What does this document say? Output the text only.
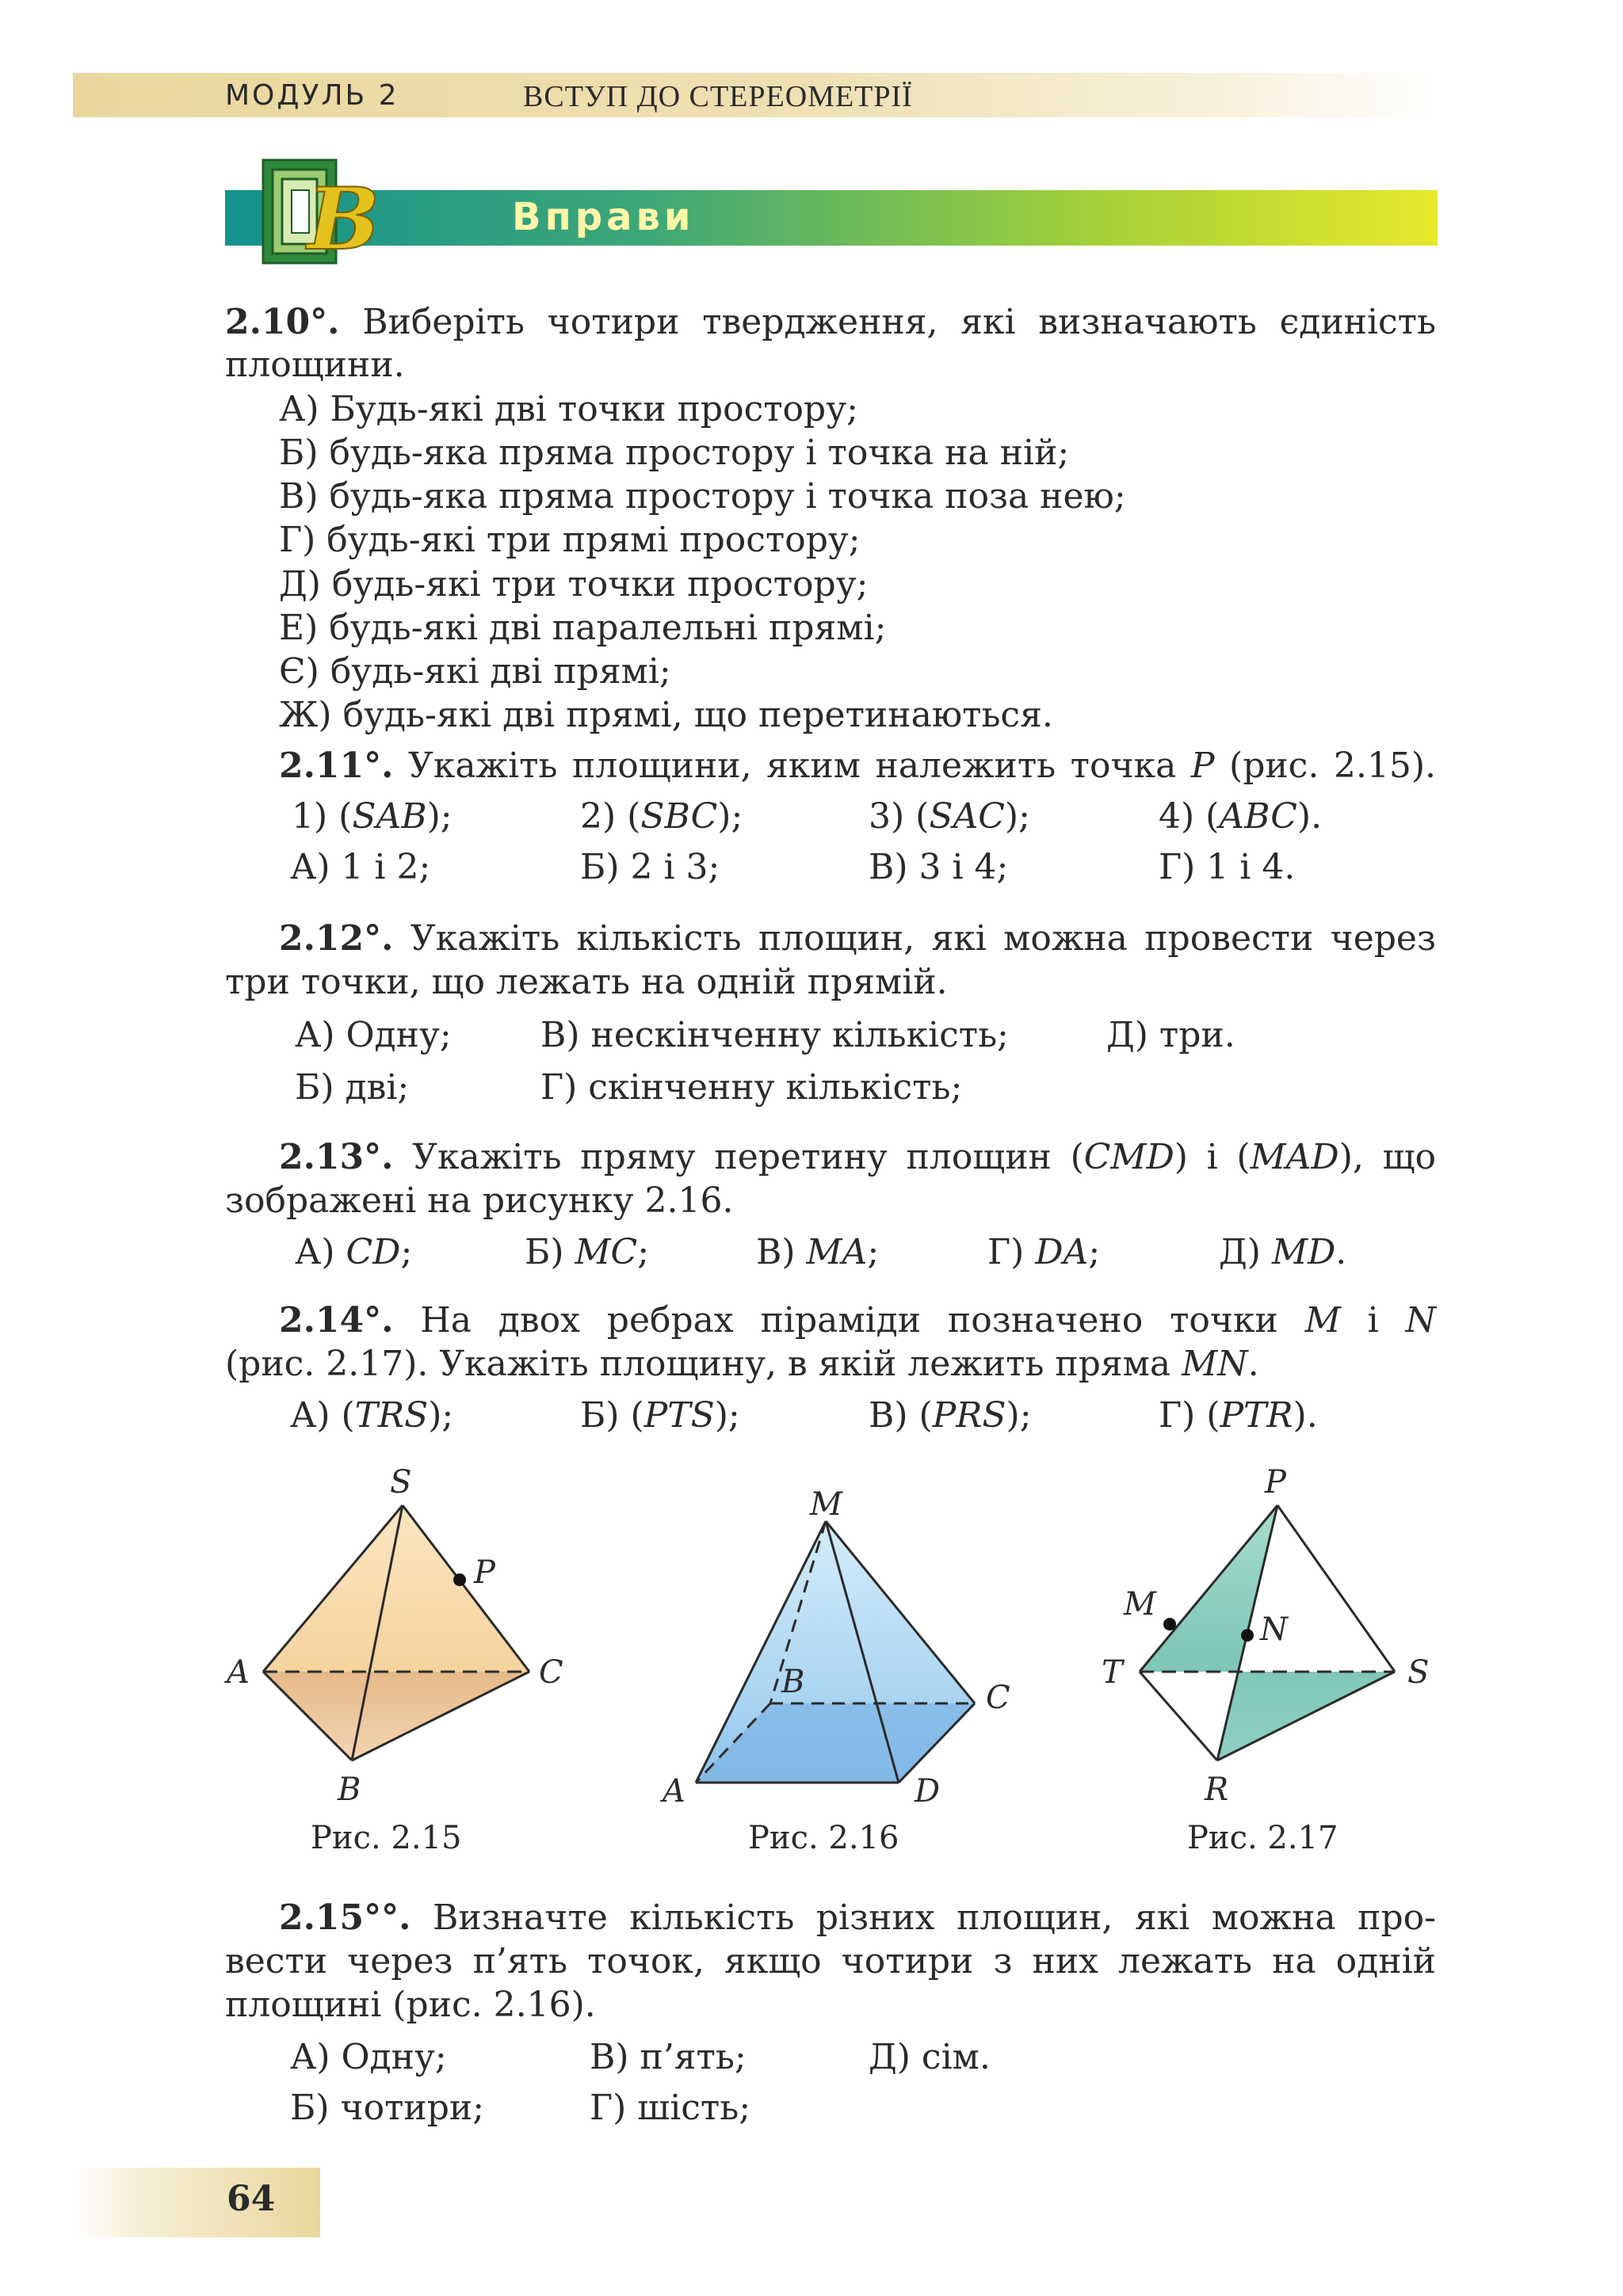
МОДУЛЬ 2	ВСТУП ДО СТЕРЕОМЕТРІЇ
Вправи
В
2.10°. Виберіть чотири твердження, які визначають єдиність
площини.
А) Будь-які дві точки простору;
Б) будь-яка пряма простору і точка на ній;
В) будь-яка пряма простору і точка поза нею;
Г) будь-які три прямі простору;
Д) будь-які три точки простору;
Е) будь-які дві паралельні прямі;
Є) будь-які дві прямі;
Ж) будь-які дві прямі, що перетинаються.
2.11°. Укажіть площини, яким належить точка P (рис. 2.15).
1) (SAB);	2) (SBC);	3) (SAC);	4) (ABC).
А) 1 і 2;	Б) 2 і 3;	В) 3 і 4;	Г) 1 і 4.
2.12°. Укажіть кількість площин, які можна провести через
три точки, що лежать на одній прямій.
А) Одну;	В) нескінченну кількість;	Д) три.
Б) дві;	Г) скінченну кількість;
2.13°. Укажіть пряму перетину площин (CMD) і (MAD), що
зображені на рисунку 2.16.
А) CD;	Б) MC;	В) MA;	Г) DA;	Д) MD.
2.14°. На двох ребрах піраміди позначено точки M і N
(рис. 2.17). Укажіть площину, в якій лежить пряма MN.
А) (TRS);	Б) (PTS);	В) (PRS);	Г) (PTR).
S
P
A	C
B
Рис. 2.15
M
B	C
A	D
Рис. 2.16
P
M
N
T	S
R
Рис. 2.17
2.15°°. Визначте кількість різних площин, які можна про-
вести через п’ять точок, якщо чотири з них лежать на одній
площині (рис. 2.16).
А) Одну;	В) п’ять;	Д) сім.
Б) чотири;	Г) шість;
64
